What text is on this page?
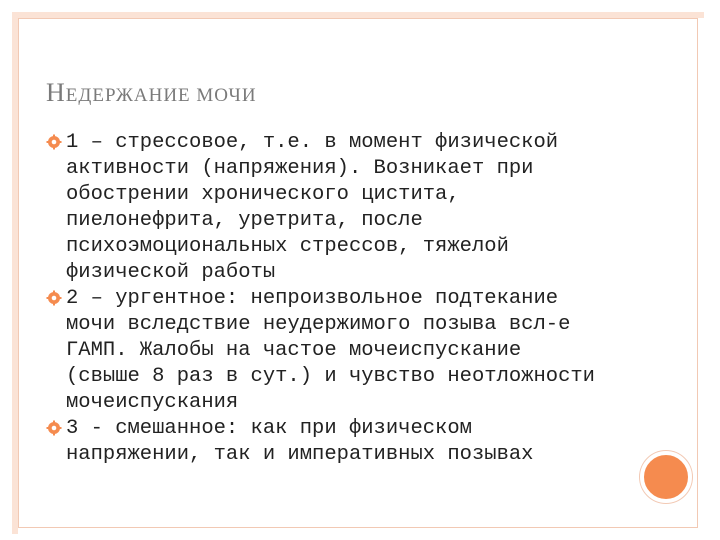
НЕДЕРЖАНИЕ МОЧИ
1 – стрессовое, т.е. в момент физической
активности (напряжения). Возникает при
обострении хронического цистита,
пиелонефрита, уретрита, после
психоэмоциональных стрессов, тяжелой
физической работы
2 – ургентное: непроизвольное подтекание
мочи вследствие неудержимого позыва всл-е
ГАМП. Жалобы на частое мочеиспускание
(свыше 8 раз в сут.) и чувство неотложности
мочеиспускания
3 - смешанное: как при физическом
напряжении, так и императивных позывах
